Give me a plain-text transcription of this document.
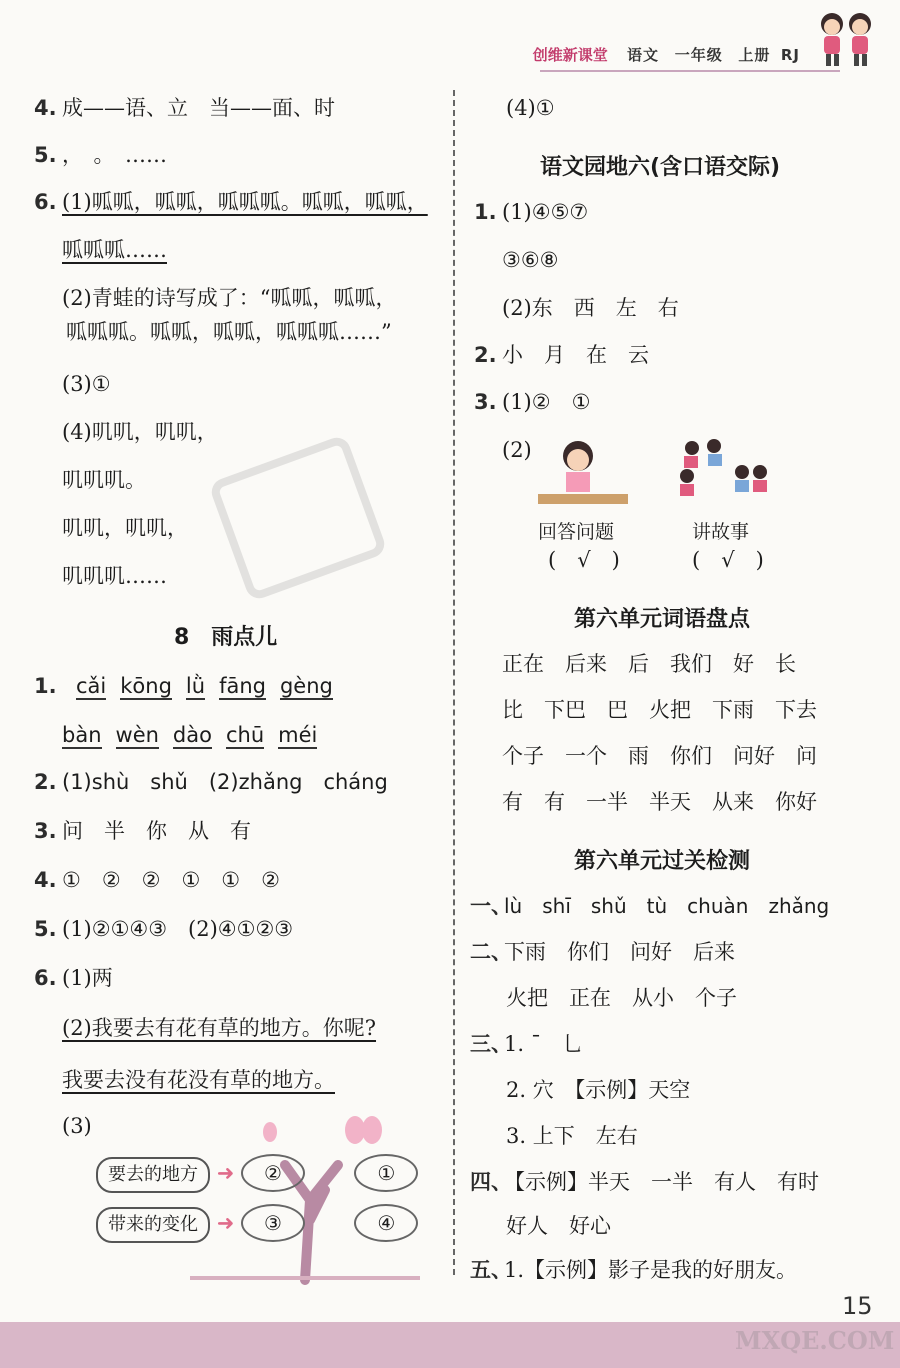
创维新课堂 语文 一年级 上册 RJ
4. 成——语、立　当——面、时
5. ，　。　……
6. (1)呱呱，呱呱，呱呱呱。呱呱，呱呱，
呱呱呱……
(2)青蛙的诗写成了：“呱呱，呱呱，
呱呱呱。呱呱，呱呱，呱呱呱……”
(3)①
(4)叽叽，叽叽，
叽叽叽。
叽叽，叽叽，
叽叽叽……
8　雨点儿
1. cǎi kōng lǜ fāng gèng
bàn wèn dào chū méi
2. (1)shù　shǔ　(2)zhǎng　cháng
3. 问　半　你　从　有
4. ①　②　②　①　①　②
5. (1)②①④③　(2)④①②③
6. (1)两
(2)我要去有花有草的地方。你呢?
我要去没有花没有草的地方。
(3)
要去的地方 ➜ ②	①
带来的变化 ➜ ③	④
(4)①
语文园地六(含口语交际)
1. (1)④⑤⑦
③⑥⑧
(2)东　西　左　右
2. 小　月　在　云
3. (1)②　①
(2)
回答问题	讲故事
(　√　)	(　√　)
第六单元词语盘点
正在　后来　后　我们　好　长
比　下巴　巴　火把　下雨　下去
个子　一个　雨　你们　问好　问
有　有　一半　半天　从来　你好
第六单元过关检测
一、lù　shī　shǔ　tù　chuàn　zhǎng
二、下雨　你们　问好　后来
火把　正在　从小　个子
三、1. ˉ　乚
2. 穴　【示例】天空
3. 上下　左右
四、【示例】半天　一半　有人　有时
好人　好心
五、1.【示例】影子是我的好朋友。
MXQE.COM
15
